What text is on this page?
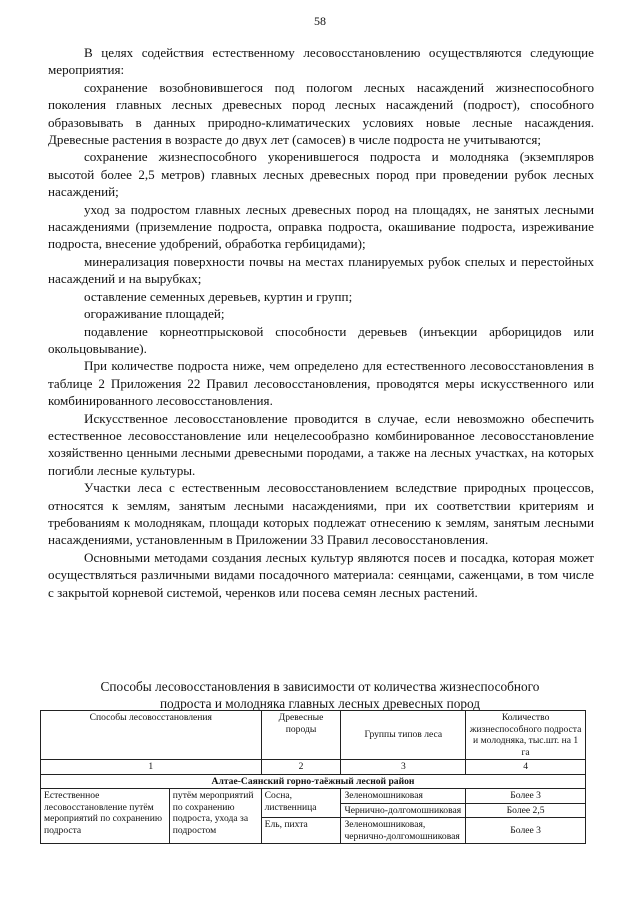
58

В целях содействия естественному лесовосстановлению осуществляются следующие мероприятия:

сохранение возобновившегося под пологом лесных насаждений жизнеспособного поколения главных лесных древесных пород лесных насаждений (подрост), способного образовывать в данных природно-климатических условиях новые лесные насаждения. Древесные растения в возрасте до двух лет (самосев) в числе подроста не учитываются;

сохранение жизнеспособного укоренившегося подроста и молодняка (экземпляров высотой более 2,5 метров) главных лесных древесных пород при проведении рубок лесных насаждений;

уход за подростом главных лесных древесных пород на площадях, не занятых лесными насаждениями (приземление подроста, оправка подроста, окашивание подроста, изреживание подроста, внесение удобрений, обработка гербицидами);

минерализация поверхности почвы на местах планируемых рубок спелых и перестойных насаждений и на вырубках;

оставление семенных деревьев, куртин и групп;

огораживание площадей;

подавление корнеотпрысковой способности деревьев (инъекции арборицидов или окольцовывание).

При количестве подроста ниже, чем определено для естественного лесовосстановления в таблице 2 Приложения 22 Правил лесовосстановления, проводятся меры искусственного или комбинированного лесовосстановления.

Искусственное лесовосстановление проводится в случае, если невозможно обеспечить естественное лесовосстановление или нецелесообразно комбинированное лесовосстановление хозяйственно ценными лесными древесными породами, а также на лесных участках, на которых погибли лесные культуры.

Участки леса с естественным лесовосстановлением вследствие природных процессов, относятся к землям, занятым лесными насаждениями, при их соответствии критериям и требованиям к молоднякам, площади которых подлежат отнесению к землям, занятым лесными насаждениями, установленным в Приложении 33 Правил лесовосстановления.

Основными методами создания лесных культур являются посев и посадка, которая может осуществляться различными видами посадочного материала: сеянцами, саженцами, в том числе с закрытой корневой системой, черенков или посева семян лесных растений.

Способы лесовосстановления в зависимости от количества жизнеспособного
подроста и молодняка главных лесных древесных пород
Способы лесовосстановления		Древесные породы	Группы типов леса	Количество жизнеспособного подроста и молодняка, тыс.шт. на 1 га
1		2	3	4
Алтае-Саянский горно-таёжный лесной район				
Естественное лесовосстановление путём мероприятий по сохранению подроста	путём мероприятий по сохранению подроста, ухода за подростом	Сосна, лиственница	Зеленомошниковая	Более 3
			Чернично-долгомошниковая	Более 2,5
		Ель, пихта	Зеленомошниковая, чернично-долгомошниковая	Более 3
